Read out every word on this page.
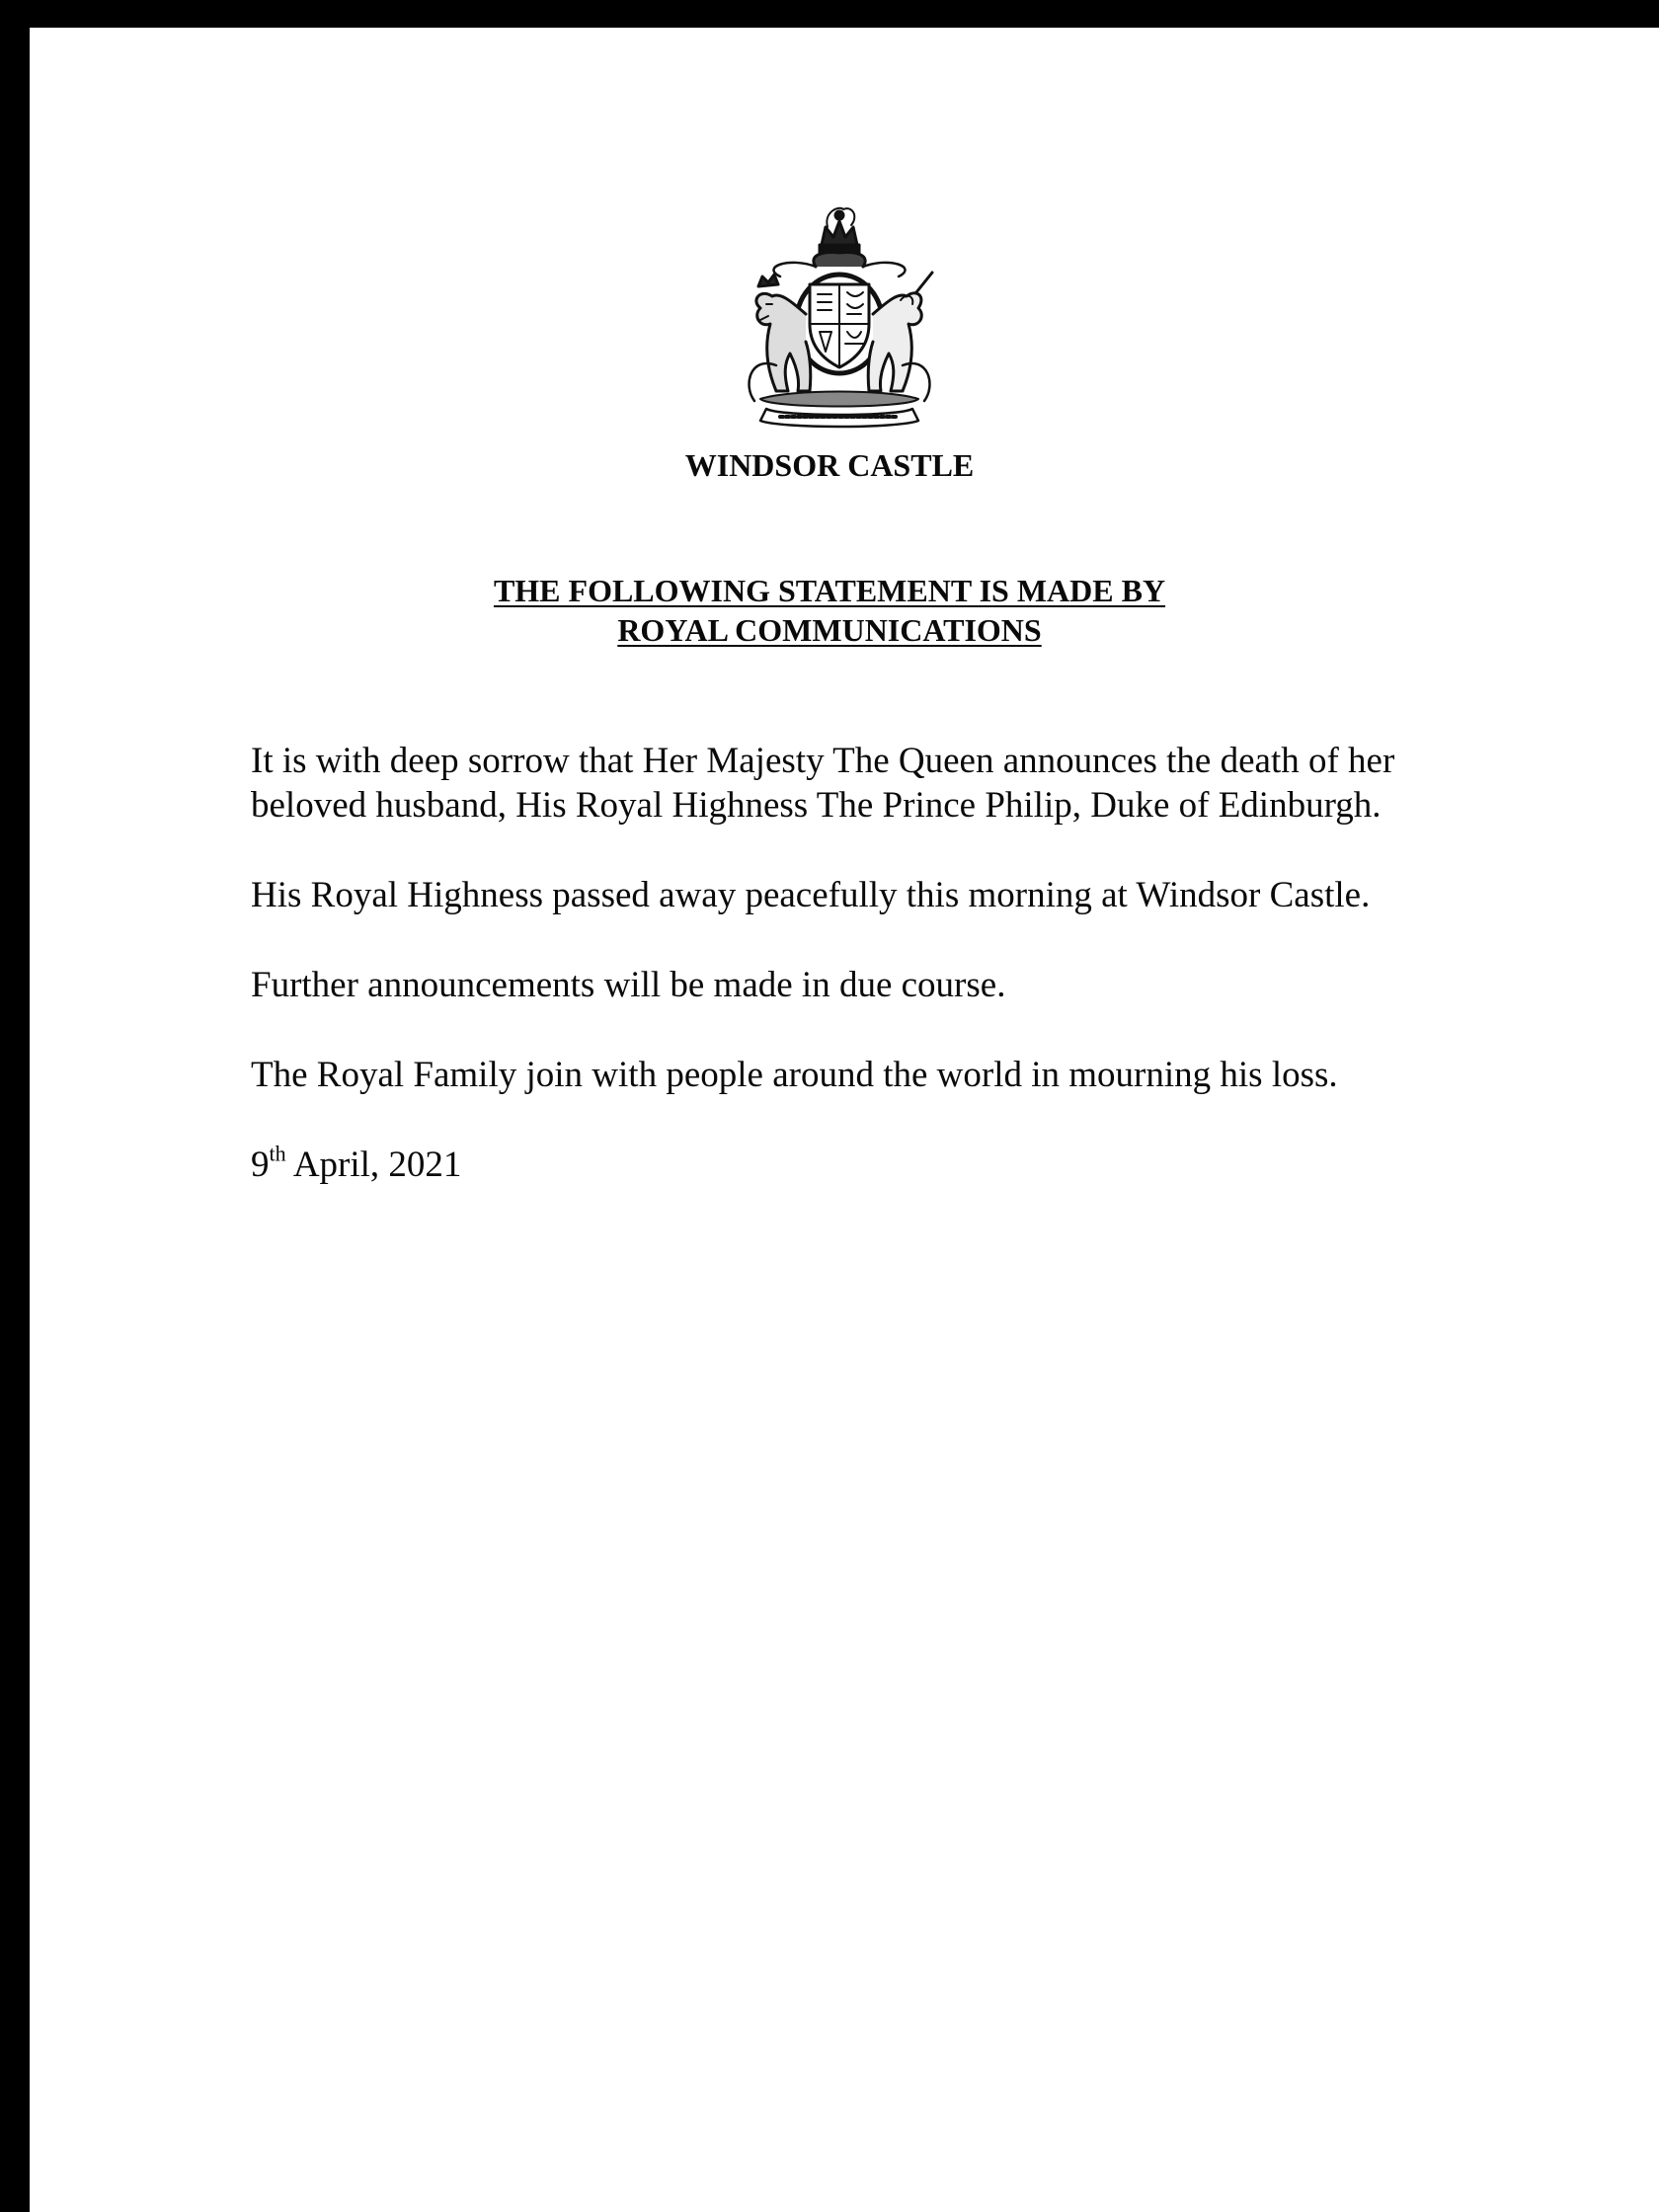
WINDSOR CASTLE
THE FOLLOWING STATEMENT IS MADE BY
ROYAL COMMUNICATIONS

It is with deep sorrow that Her Majesty The Queen announces the death of her beloved husband, His Royal Highness The Prince Philip, Duke of Edinburgh.

His Royal Highness passed away peacefully this morning at Windsor Castle.

Further announcements will be made in due course.

The Royal Family join with people around the world in mourning his loss.

9th April, 2021
